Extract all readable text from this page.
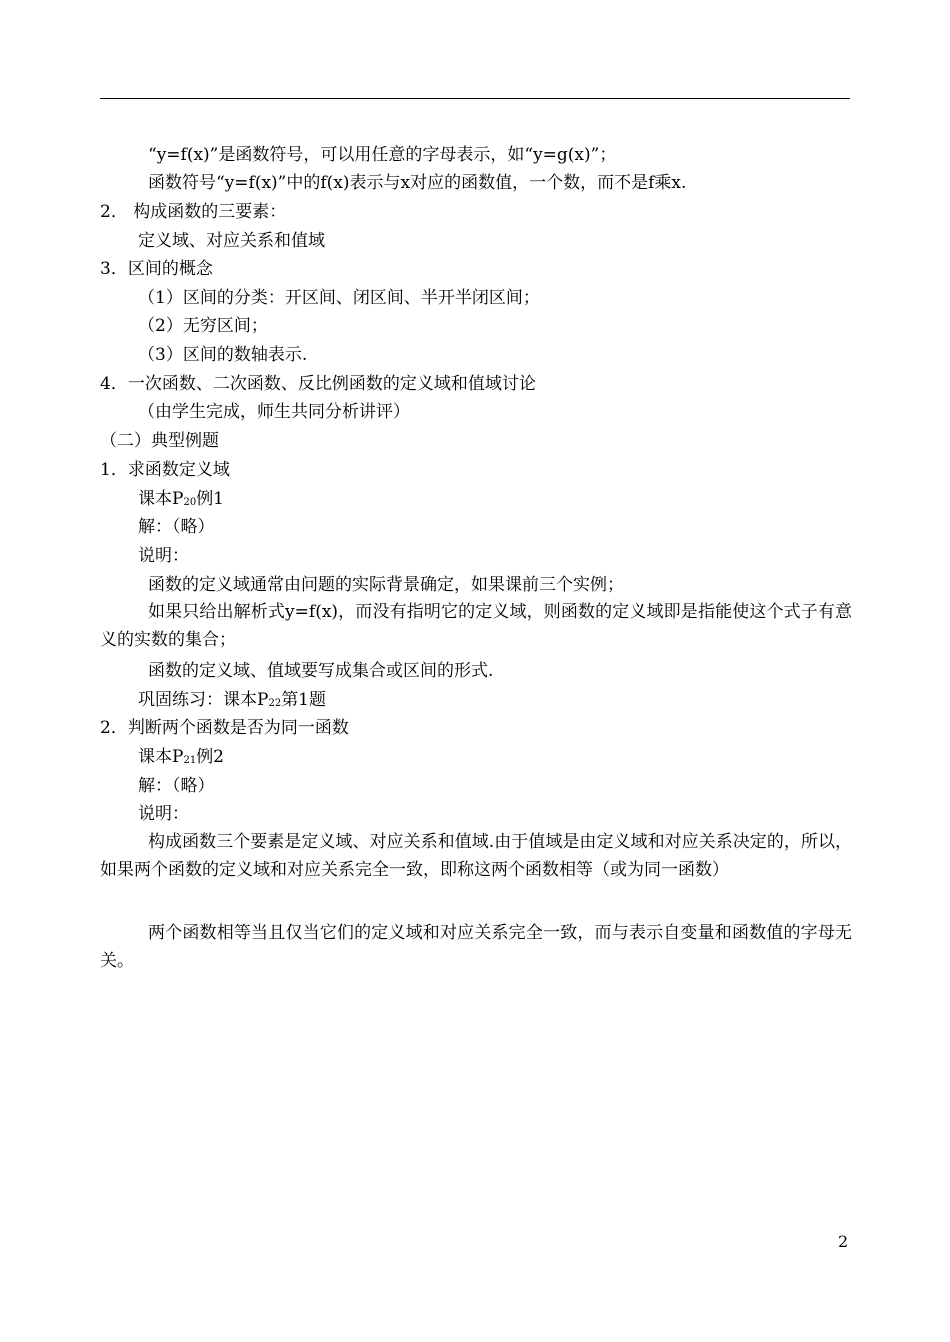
“y=f(x)”是函数符号，可以用任意的字母表示，如“y=g(x)”；
函数符号“y=f(x)”中的f(x)表示与x对应的函数值，一个数，而不是f乘x.
2． 构成函数的三要素：
定义域、对应关系和值域
3．区间的概念
（1）区间的分类：开区间、闭区间、半开半闭区间；
（2）无穷区间；
（3）区间的数轴表示.
4．一次函数、二次函数、反比例函数的定义域和值域讨论
（由学生完成，师生共同分析讲评）
（二）典型例题
1．求函数定义域
课本$P_{20}$例1
解：（略）
说明：
函数的定义域通常由问题的实际背景确定，如果课前三个实例；
如果只给出解析式y=f(x)，而没有指明它的定义域，则函数的定义域即是指能使这个式子有意义的实数的集合；
函数的定义域、值域要写成集合或区间的形式.
巩固练习：课本$P_{22}$第1题
2．判断两个函数是否为同一函数
课本$P_{21}$例2
解：（略）
说明：
构成函数三个要素是定义域、对应关系和值域.由于值域是由定义域和对应关系决定的，所以，如果两个函数的定义域和对应关系完全一致，即称这两个函数相等（或为同一函数）
两个函数相等当且仅当它们的定义域和对应关系完全一致，而与表示自变量和函数值的字母无关。
2
